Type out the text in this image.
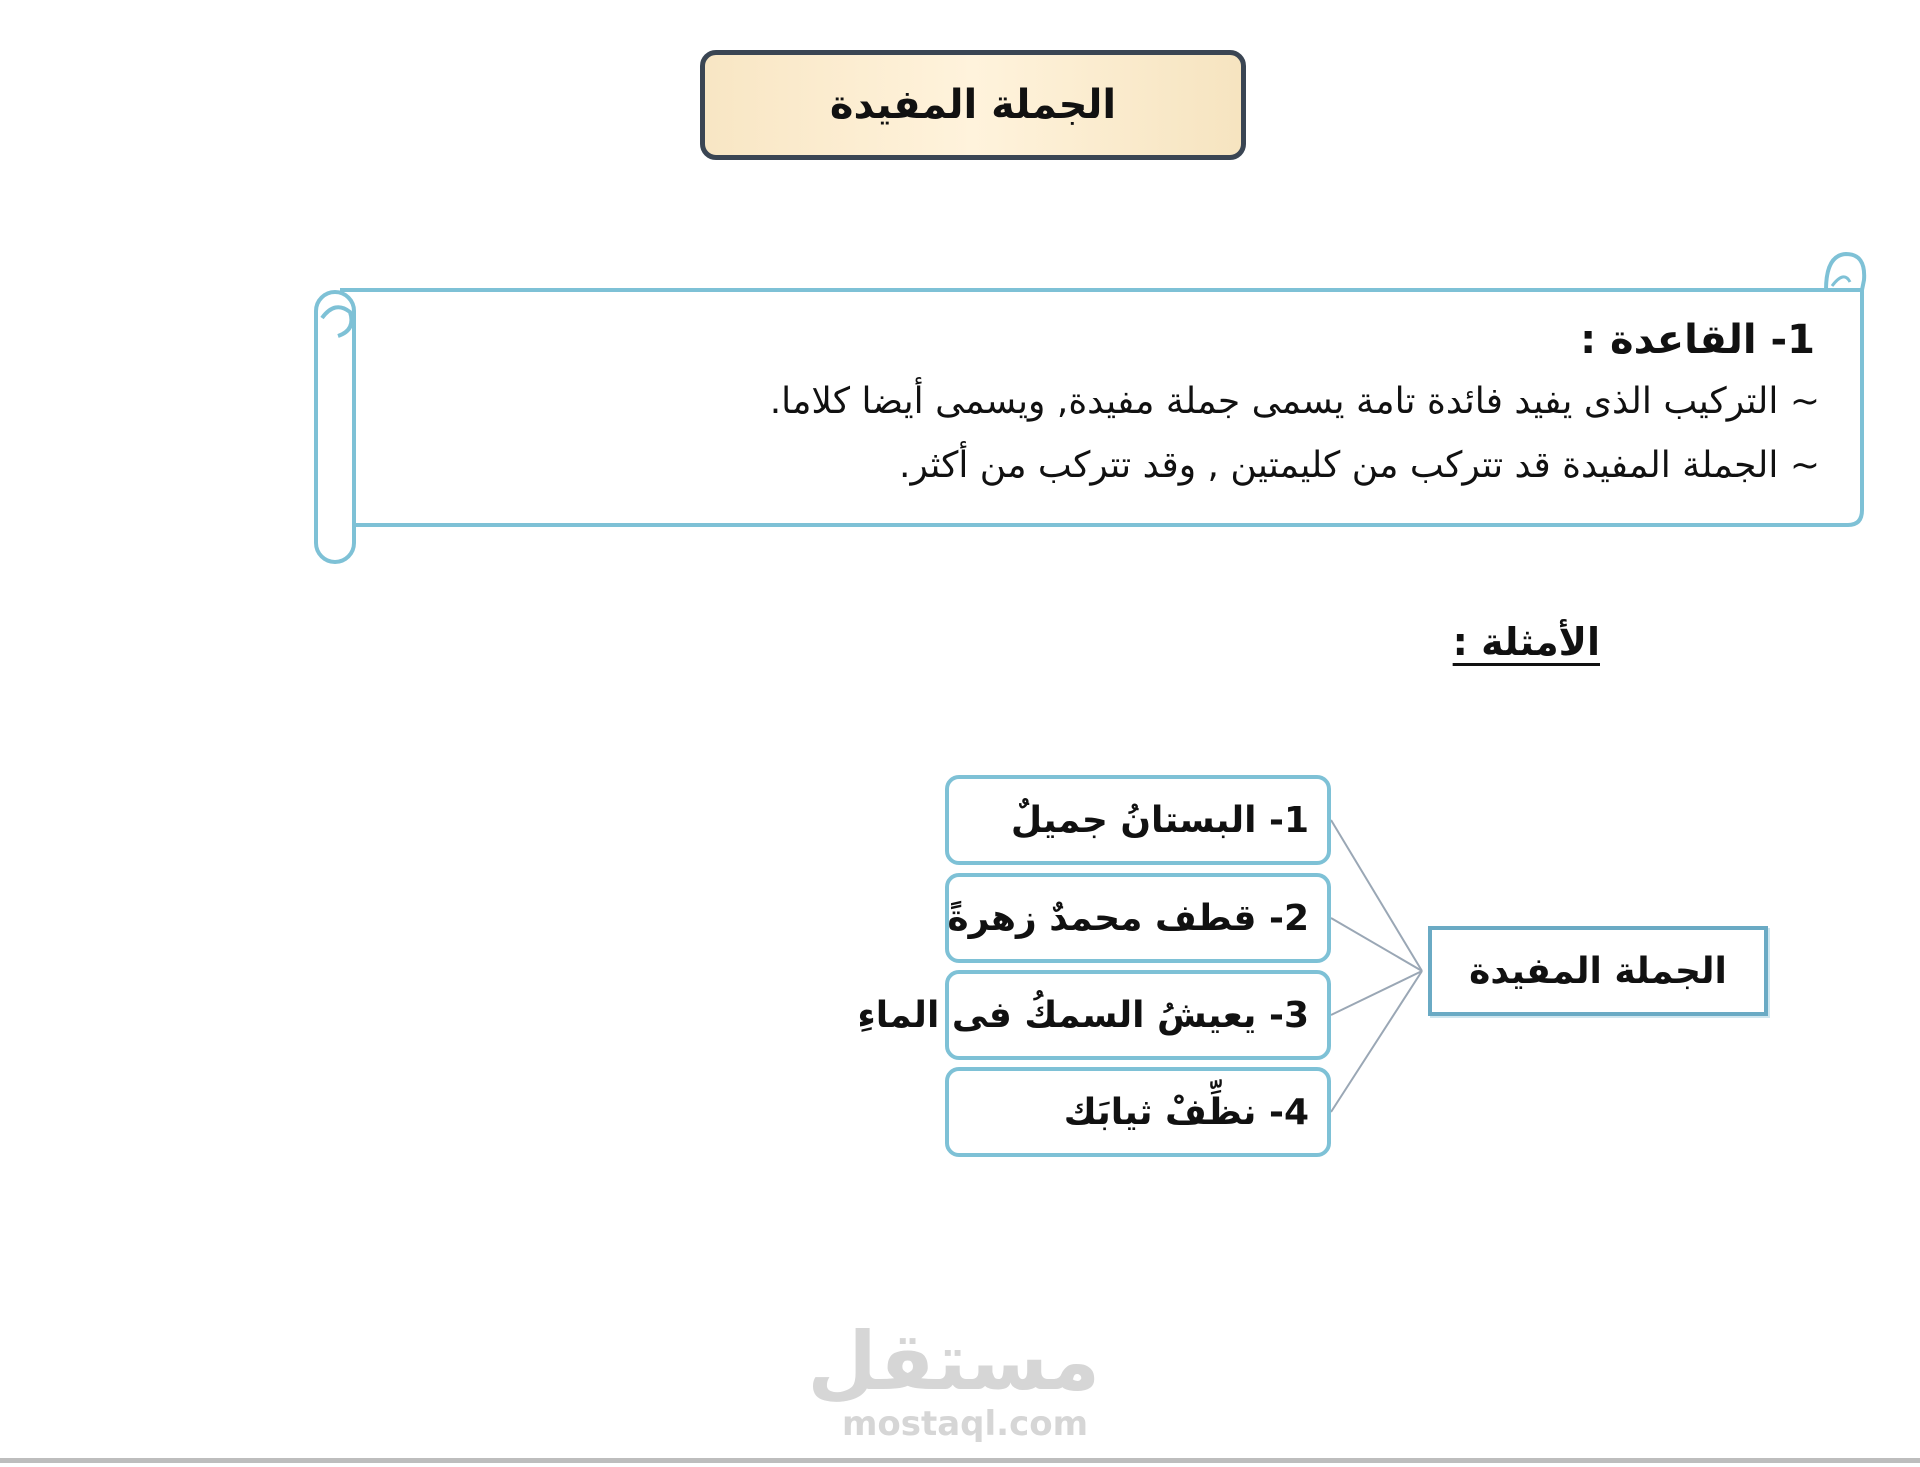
الجملة المفيدة
1- القاعدة :
~ التركيب الذى يفيد فائدة تامة يسمى جملة مفيدة, ويسمى أيضا كلاما.
~ الجملة المفيدة قد تتركب من كليمتين , وقد تتركب من أكثر.
الأمثلة :
1- البستانُ جميلٌ
2- قطف محمدٌ زهرةً
3- يعيشُ السمكُ فى الماءِ
4- نظِّفْ ثيابَك
الجملة المفيدة
مستقل
mostaql.com
